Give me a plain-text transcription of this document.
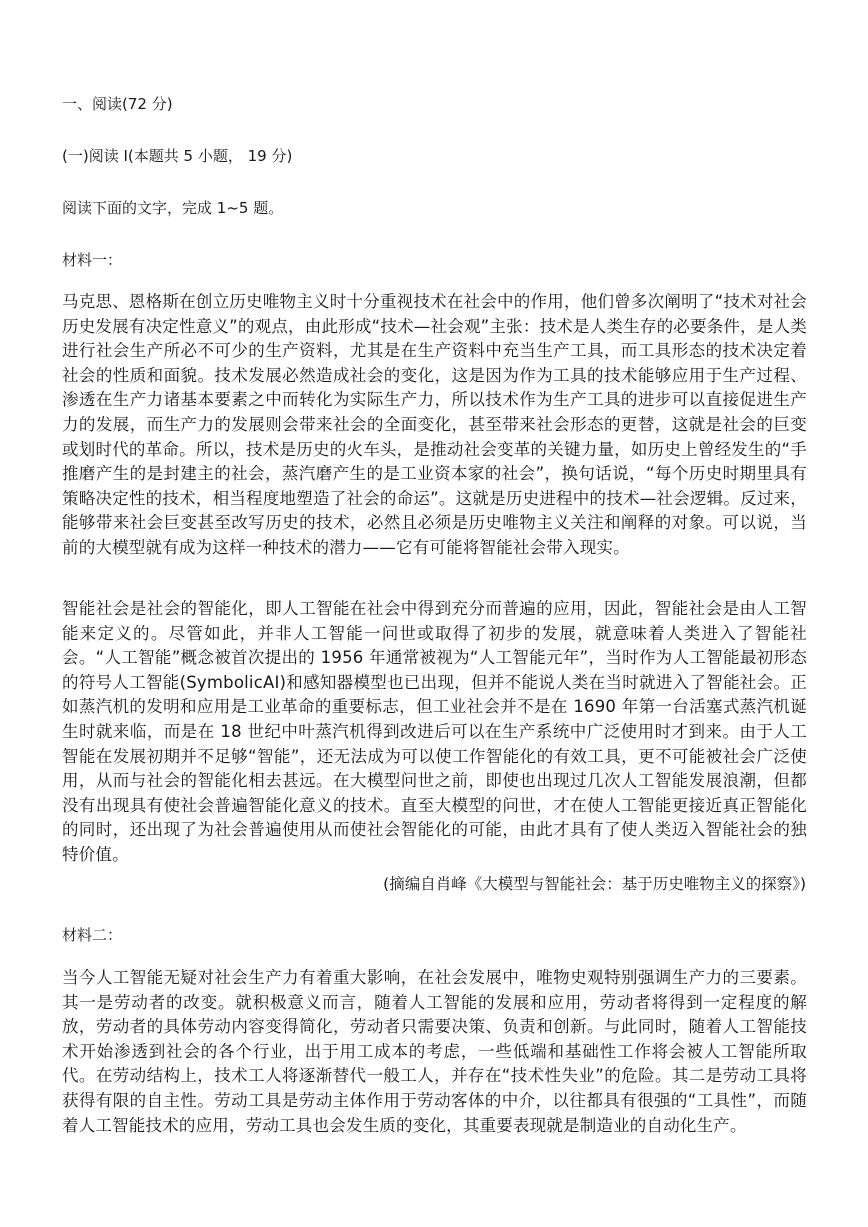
一、阅读(72 分)
(一)阅读 I(本题共 5 小题， 19 分)
阅读下面的文字，完成 1~5 题。
材料一：
马克思、恩格斯在创立历史唯物主义时十分重视技术在社会中的作用，他们曾多次阐明了“技术对社会历史发展有决定性意义”的观点，由此形成“技术—社会观”主张：技术是人类生存的必要条件，是人类进行社会生产所必不可少的生产资料，尤其是在生产资料中充当生产工具，而工具形态的技术决定着社会的性质和面貌。技术发展必然造成社会的变化，这是因为作为工具的技术能够应用于生产过程、渗透在生产力诸基本要素之中而转化为实际生产力，所以技术作为生产工具的进步可以直接促进生产力的发展，而生产力的发展则会带来社会的全面变化，甚至带来社会形态的更替，这就是社会的巨变或划时代的革命。所以，技术是历史的火车头，是推动社会变革的关键力量，如历史上曾经发生的“手推磨产生的是封建主的社会，蒸汽磨产生的是工业资本家的社会”，换句话说，“每个历史时期里具有策略决定性的技术，相当程度地塑造了社会的命运”。这就是历史进程中的技术—社会逻辑。反过来，能够带来社会巨变甚至改写历史的技术，必然且必须是历史唯物主义关注和阐释的对象。可以说，当前的大模型就有成为这样一种技术的潜力——它有可能将智能社会带入现实。
智能社会是社会的智能化，即人工智能在社会中得到充分而普遍的应用，因此，智能社会是由人工智能来定义的。尽管如此，并非人工智能一问世或取得了初步的发展，就意味着人类进入了智能社会。“人工智能”概念被首次提出的 1956 年通常被视为“人工智能元年”，当时作为人工智能最初形态的符号人工智能(SymbolicAI)和感知器模型也已出现，但并不能说人类在当时就进入了智能社会。正如蒸汽机的发明和应用是工业革命的重要标志，但工业社会并不是在 1690 年第一台活塞式蒸汽机诞生时就来临，而是在 18 世纪中叶蒸汽机得到改进后可以在生产系统中广泛使用时才到来。由于人工智能在发展初期并不足够“智能”，还无法成为可以使工作智能化的有效工具，更不可能被社会广泛使用，从而与社会的智能化相去甚远。在大模型问世之前，即使也出现过几次人工智能发展浪潮，但都没有出现具有使社会普遍智能化意义的技术。直至大模型的问世，才在使人工智能更接近真正智能化的同时，还出现了为社会普遍使用从而使社会智能化的可能，由此才具有了使人类迈入智能社会的独特价值。
(摘编自肖峰《大模型与智能社会：基于历史唯物主义的探察》)
材料二：
当今人工智能无疑对社会生产力有着重大影响，在社会发展中，唯物史观特别强调生产力的三要素。其一是劳动者的改变。就积极意义而言，随着人工智能的发展和应用，劳动者将得到一定程度的解放，劳动者的具体劳动内容变得简化，劳动者只需要决策、负责和创新。与此同时，随着人工智能技术开始渗透到社会的各个行业，出于用工成本的考虑，一些低端和基础性工作将会被人工智能所取代。在劳动结构上，技术工人将逐渐替代一般工人，并存在“技术性失业”的危险。其二是劳动工具将获得有限的自主性。劳动工具是劳动主体作用于劳动客体的中介，以往都具有很强的“工具性”，而随着人工智能技术的应用，劳动工具也会发生质的变化，其重要表现就是制造业的自动化生产。
